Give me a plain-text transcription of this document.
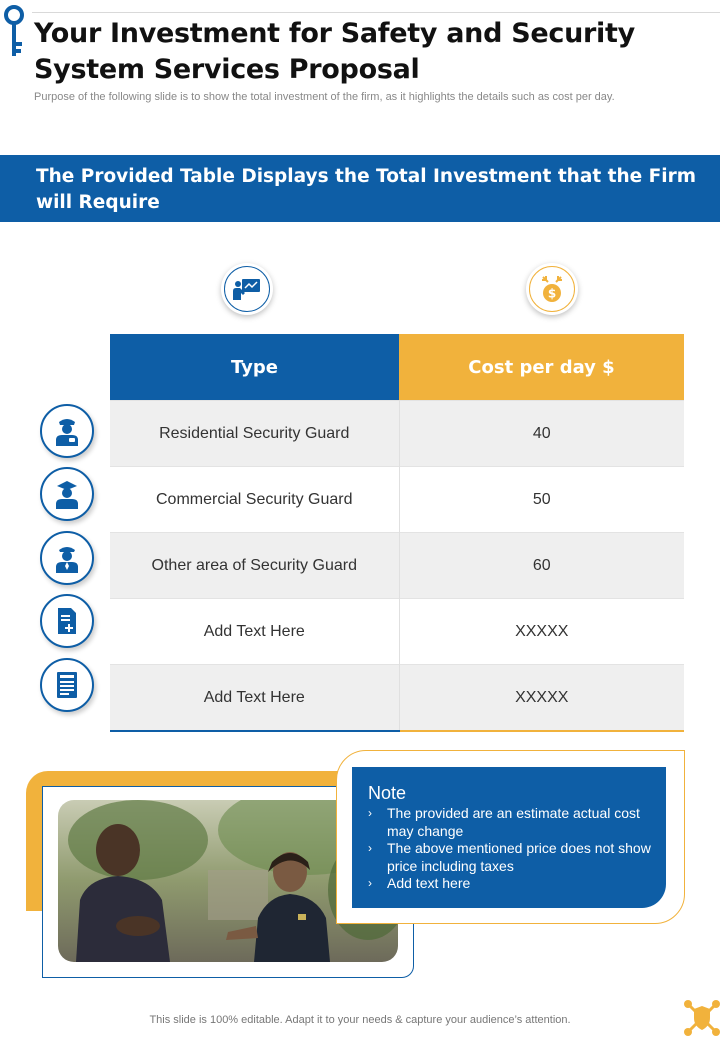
Your Investment for Safety and Security System Services Proposal
Purpose of the following slide is to show the total investment of the firm, as it highlights the details such as cost per day.
The Provided Table Displays the Total Investment that the Firm will Require
$
Type	Cost per day $
Residential Security Guard	40
Commercial Security Guard	50
Other area of Security Guard	60
Add Text Here	XXXXX
Add Text Here	XXXXX
Note
› The provided are an estimate actual cost may change
› The above mentioned price does not show price including taxes
› Add text here
This slide is 100% editable. Adapt it to your needs & capture your audience’s attention.
